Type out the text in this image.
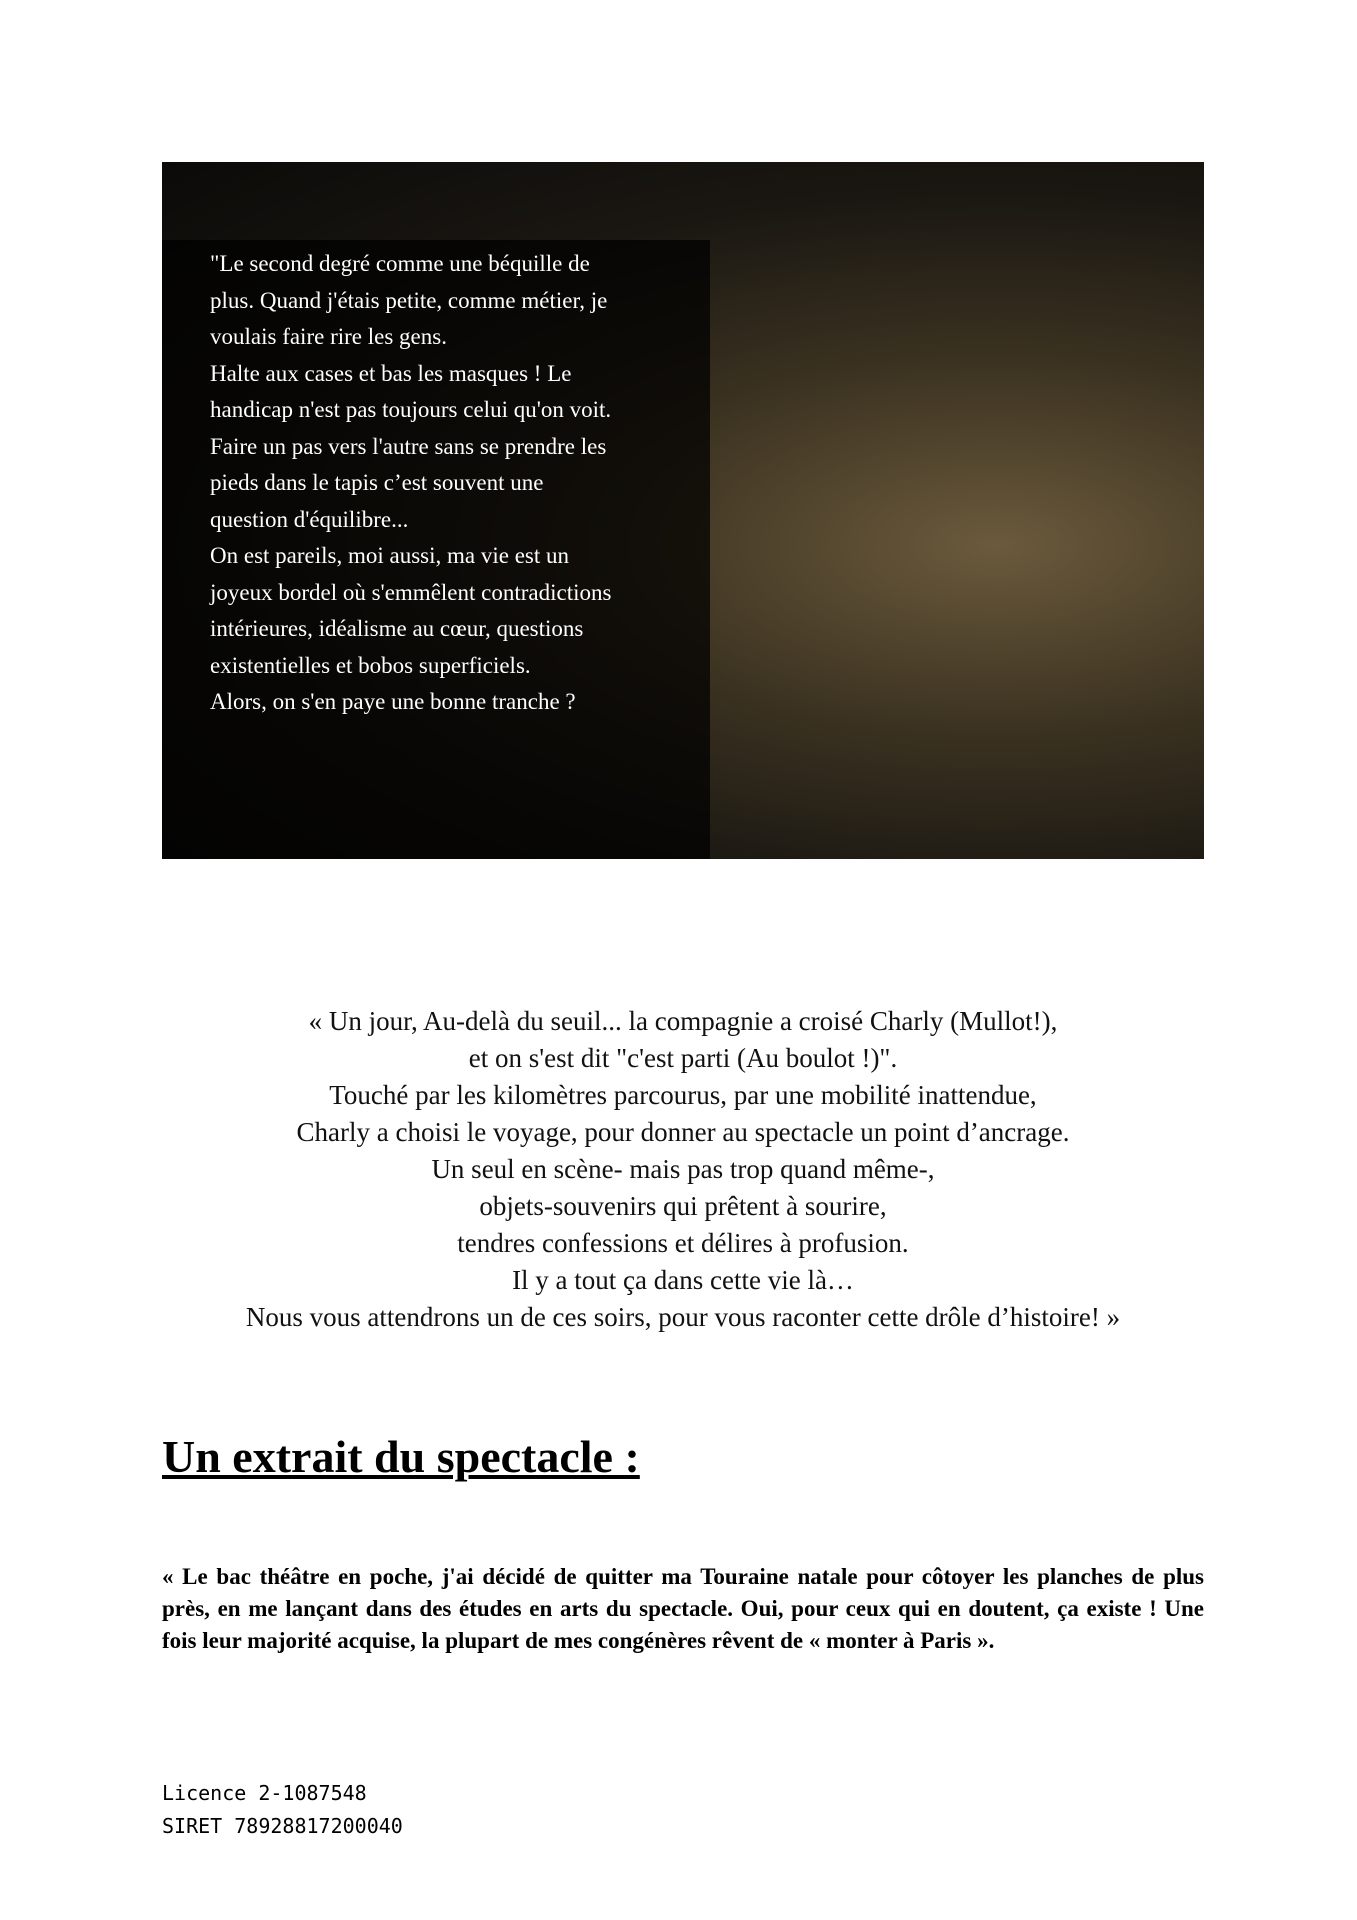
"Le second degré comme une béquille de
plus. Quand j'étais petite, comme métier, je
voulais faire rire les gens.
Halte aux cases et bas les masques ! Le
handicap n'est pas toujours celui qu'on voit.
Faire un pas vers l'autre sans se prendre les
pieds dans le tapis c’est souvent une
question d'équilibre...
On est pareils, moi aussi, ma vie est un
joyeux bordel où s'emmêlent contradictions
intérieures, idéalisme au cœur, questions
existentielles et bobos superficiels.
Alors, on s'en paye une bonne tranche ?
« Un jour, Au-delà du seuil... la compagnie a croisé Charly (Mullot!),
et on s'est dit "c'est parti (Au boulot !)".
Touché par les kilomètres parcourus, par une mobilité inattendue,
Charly a choisi le voyage, pour donner au spectacle un point d’ancrage.
Un seul en scène- mais pas trop quand même-,
objets-souvenirs qui prêtent à sourire,
tendres confessions et délires à profusion.
Il y a tout ça dans cette vie là…
Nous vous attendrons un de ces soirs, pour vous raconter cette drôle d’histoire! »
Un extrait du spectacle :
« Le bac théâtre en poche, j'ai décidé de quitter ma Touraine natale pour côtoyer les planches de plus près, en me lançant dans des études en arts du spectacle. Oui, pour ceux qui en doutent, ça existe ! Une fois leur majorité acquise, la plupart de mes congénères rêvent de « monter à Paris ».
Licence 2-1087548
SIRET 78928817200040
